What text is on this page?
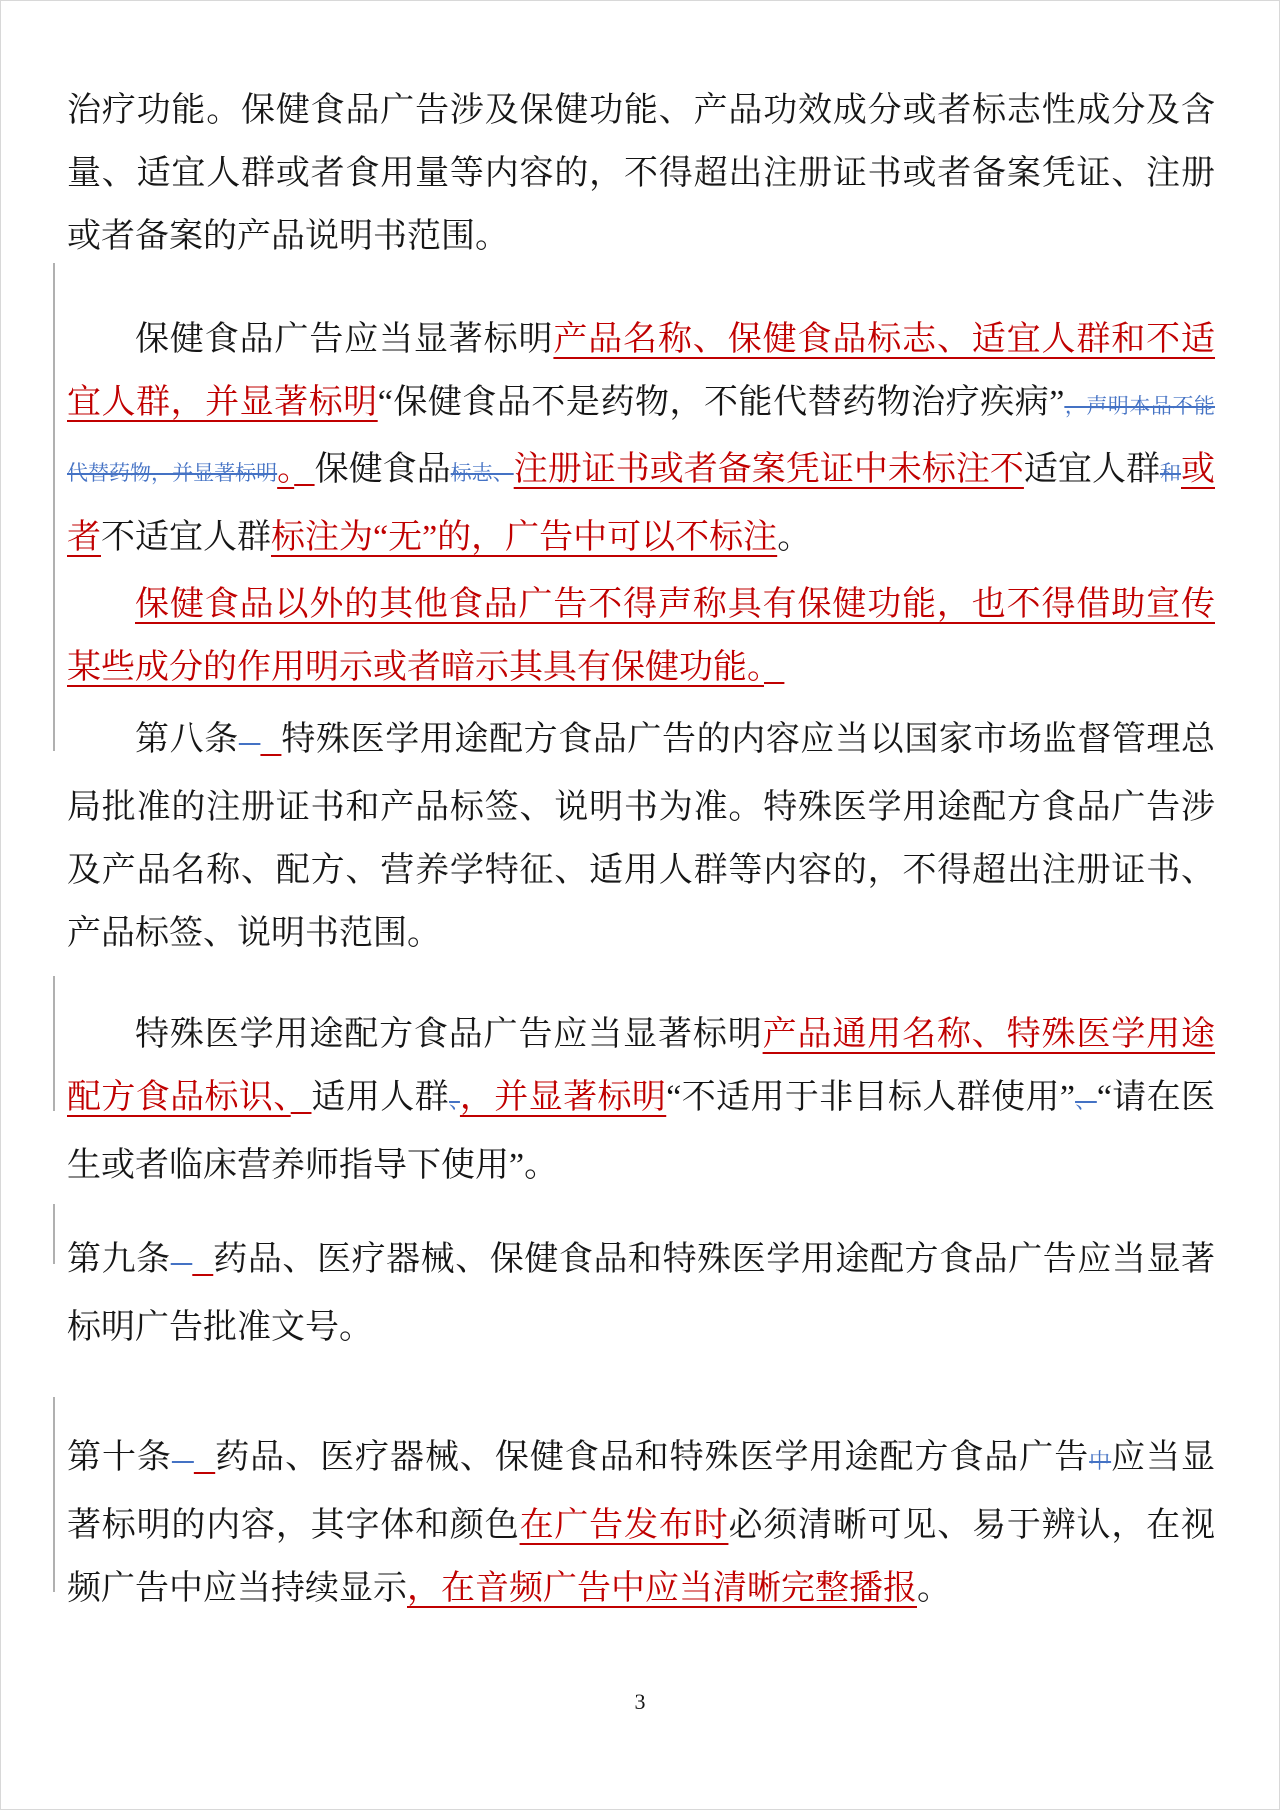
治疗功能。保健食品广告涉及保健功能、产品功效成分或者标志性成分及含量、适宜人群或者食用量等内容的，不得超出注册证书或者备案凭证、注册或者备案的产品说明书范围。

保健食品广告应当显著标明产品名称、保健食品标志、适宜人群和不适宜人群，并显著标明“保健食品不是药物，不能代替药物治疗疾病”，声明本品不能代替药物，并显著标明。　 保健食品标志、注册证书或者备案凭证中未标注不适宜人群和或者不适宜人群标注为“无”的，广告中可以不标注。

保健食品以外的其他食品广告不得声称具有保健功能，也不得借助宣传某些成分的作用明示或者暗示其具有保健功能。　

第八条　　 特殊医学用途配方食品广告的内容应当以国家市场监督管理总局批准的注册证书和产品标签、说明书为准。特殊医学用途配方食品广告涉及产品名称、配方、营养学特征、适用人群等内容的，不得超出注册证书、产品标签、说明书范围。

特殊医学用途配方食品广告应当显著标明产品通用名称、特殊医学用途配方食品标识、　 适用人群、，并显著标明“不适用于非目标人群使用”、“请在医生或者临床营养师指导下使用”。

第九条　　 药品、医疗器械、保健食品和特殊医学用途配方食品广告应当显著标明广告批准文号。

第十条　　 药品、医疗器械、保健食品和特殊医学用途配方食品广告中应当显著标明的内容，其字体和颜色在广告发布时必须清晰可见、易于辨认，在视频广告中应当持续显示，在音频广告中应当清晰完整播报。

3
